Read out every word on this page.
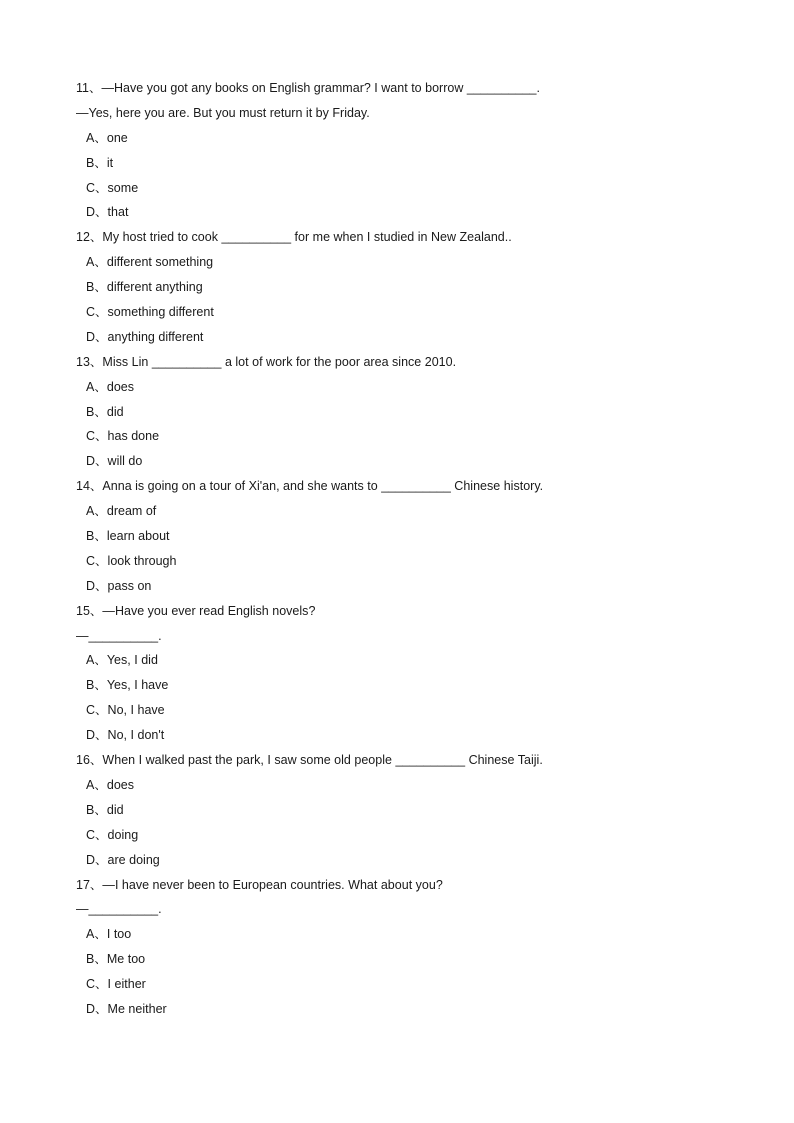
11、—Have you got any books on English grammar? I want to borrow __________.
—Yes, here you are. But you must return it by Friday.
A、one
B、it
C、some
D、that
12、My host tried to cook __________ for me when I studied in New Zealand..
A、different something
B、different anything
C、something different
D、anything different
13、Miss Lin __________ a lot of work for the poor area since 2010.
A、does
B、did
C、has done
D、will do
14、Anna is going on a tour of Xi'an, and she wants to __________ Chinese history.
A、dream of
B、learn about
C、look through
D、pass on
15、—Have you ever read English novels?
—__________.
A、Yes, I did
B、Yes, I have
C、No, I have
D、No, I don't
16、When I walked past the park, I saw some old people __________ Chinese Taiji.
A、does
B、did
C、doing
D、are doing
17、—I have never been to European countries. What about you?
—__________.
A、I too
B、Me too
C、I either
D、Me neither
